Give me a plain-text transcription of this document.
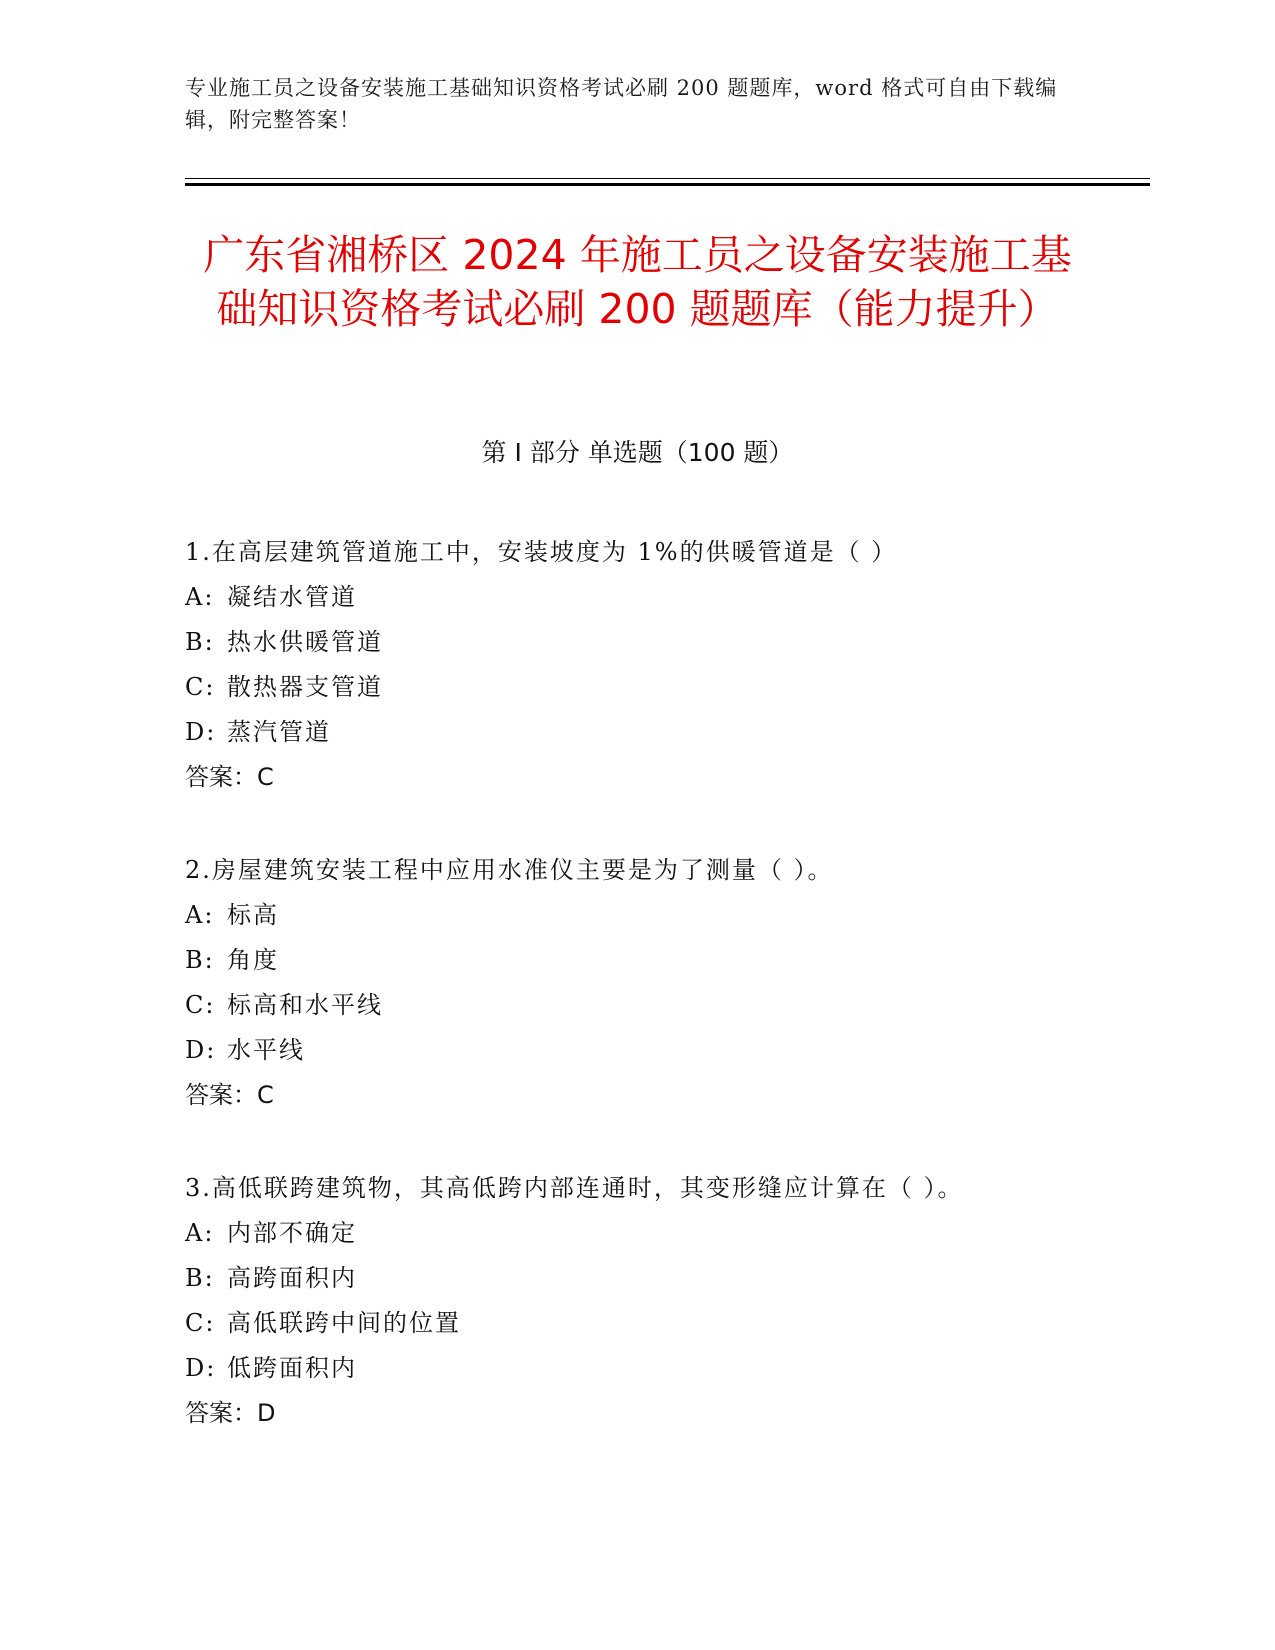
专业施工员之设备安装施工基础知识资格考试必刷 200 题题库，word 格式可自由下载编辑，附完整答案！
广东省湘桥区 2024 年施工员之设备安装施工基础知识资格考试必刷 200 题题库（能力提升）
第 I 部分 单选题（100 题）
1.在高层建筑管道施工中，安装坡度为 1%的供暖管道是（ ）
A: 凝结水管道
B: 热水供暖管道
C: 散热器支管道
D: 蒸汽管道
答案：C
2.房屋建筑安装工程中应用水准仪主要是为了测量（ ）。
A: 标高
B: 角度
C: 标高和水平线
D: 水平线
答案：C
3.高低联跨建筑物，其高低跨内部连通时，其变形缝应计算在（ ）。
A: 内部不确定
B: 高跨面积内
C: 高低联跨中间的位置
D: 低跨面积内
答案：D
